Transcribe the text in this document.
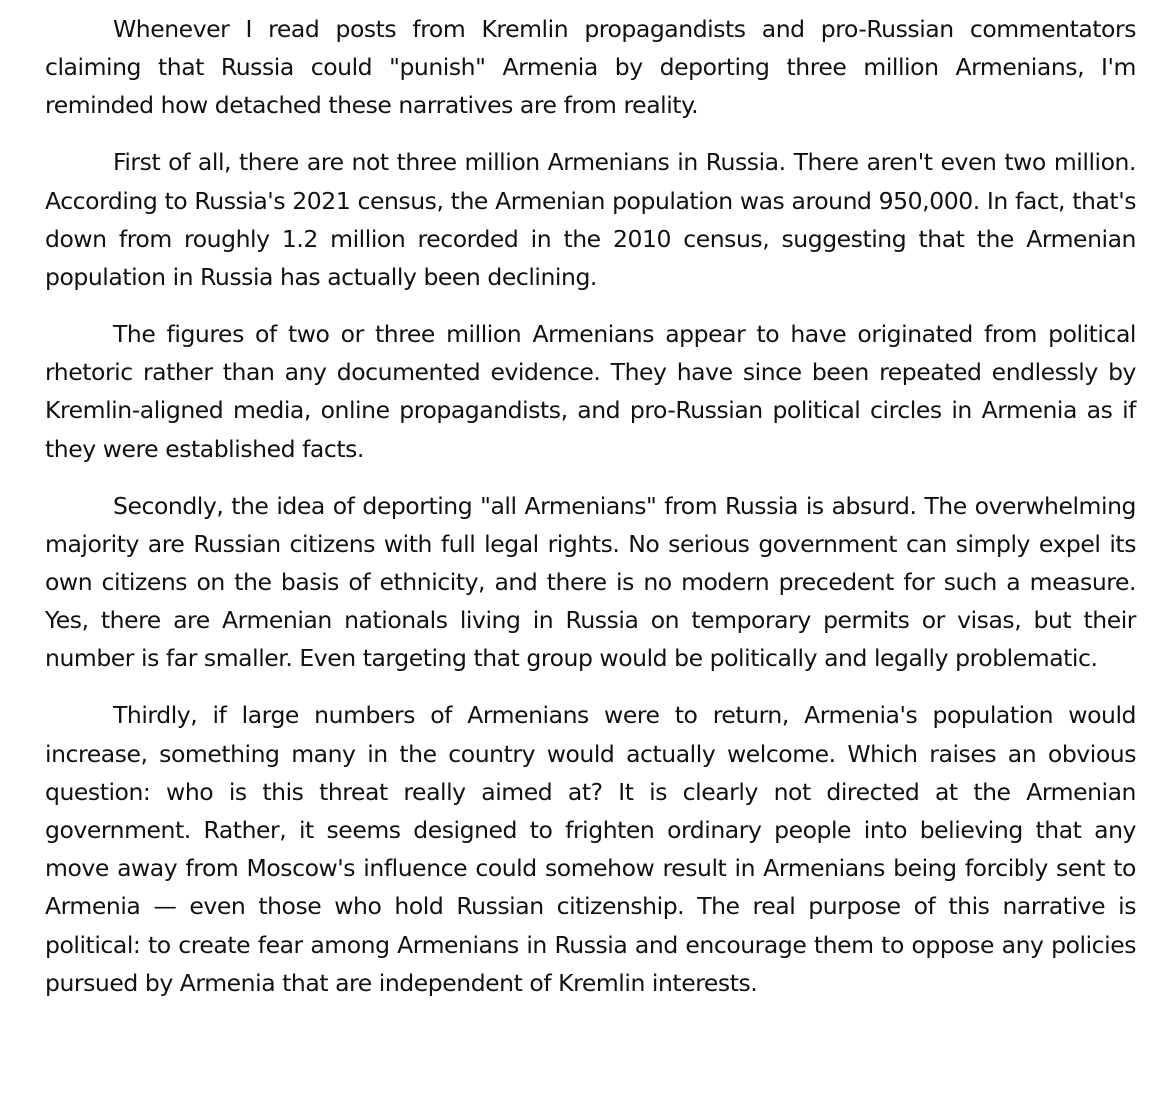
Whenever I read posts from Kremlin propagandists and pro-Russian commentators claiming that Russia could "punish" Armenia by deporting three million Armenians, I'm reminded how detached these narratives are from reality.

First of all, there are not three million Armenians in Russia. There aren't even two million. According to Russia's 2021 census, the Armenian population was around 950,000. In fact, that's down from roughly 1.2 million recorded in the 2010 census, suggesting that the Armenian population in Russia has actually been declining.

The figures of two or three million Armenians appear to have originated from political rhetoric rather than any documented evidence. They have since been repeated endlessly by Kremlin-aligned media, online propagandists, and pro-Russian political circles in Armenia as if they were established facts.

Secondly, the idea of deporting "all Armenians" from Russia is absurd. The overwhelming majority are Russian citizens with full legal rights. No serious government can simply expel its own citizens on the basis of ethnicity, and there is no modern precedent for such a measure. Yes, there are Armenian nationals living in Russia on temporary permits or visas, but their number is far smaller. Even targeting that group would be politically and legally problematic.

Thirdly, if large numbers of Armenians were to return, Armenia's population would increase, something many in the country would actually welcome. Which raises an obvious question: who is this threat really aimed at? It is clearly not directed at the Armenian government. Rather, it seems designed to frighten ordinary people into believing that any move away from Moscow's influence could somehow result in Armenians being forcibly sent to Armenia — even those who hold Russian citizenship. The real purpose of this narrative is political: to create fear among Armenians in Russia and encourage them to oppose any policies pursued by Armenia that are independent of Kremlin interests.
